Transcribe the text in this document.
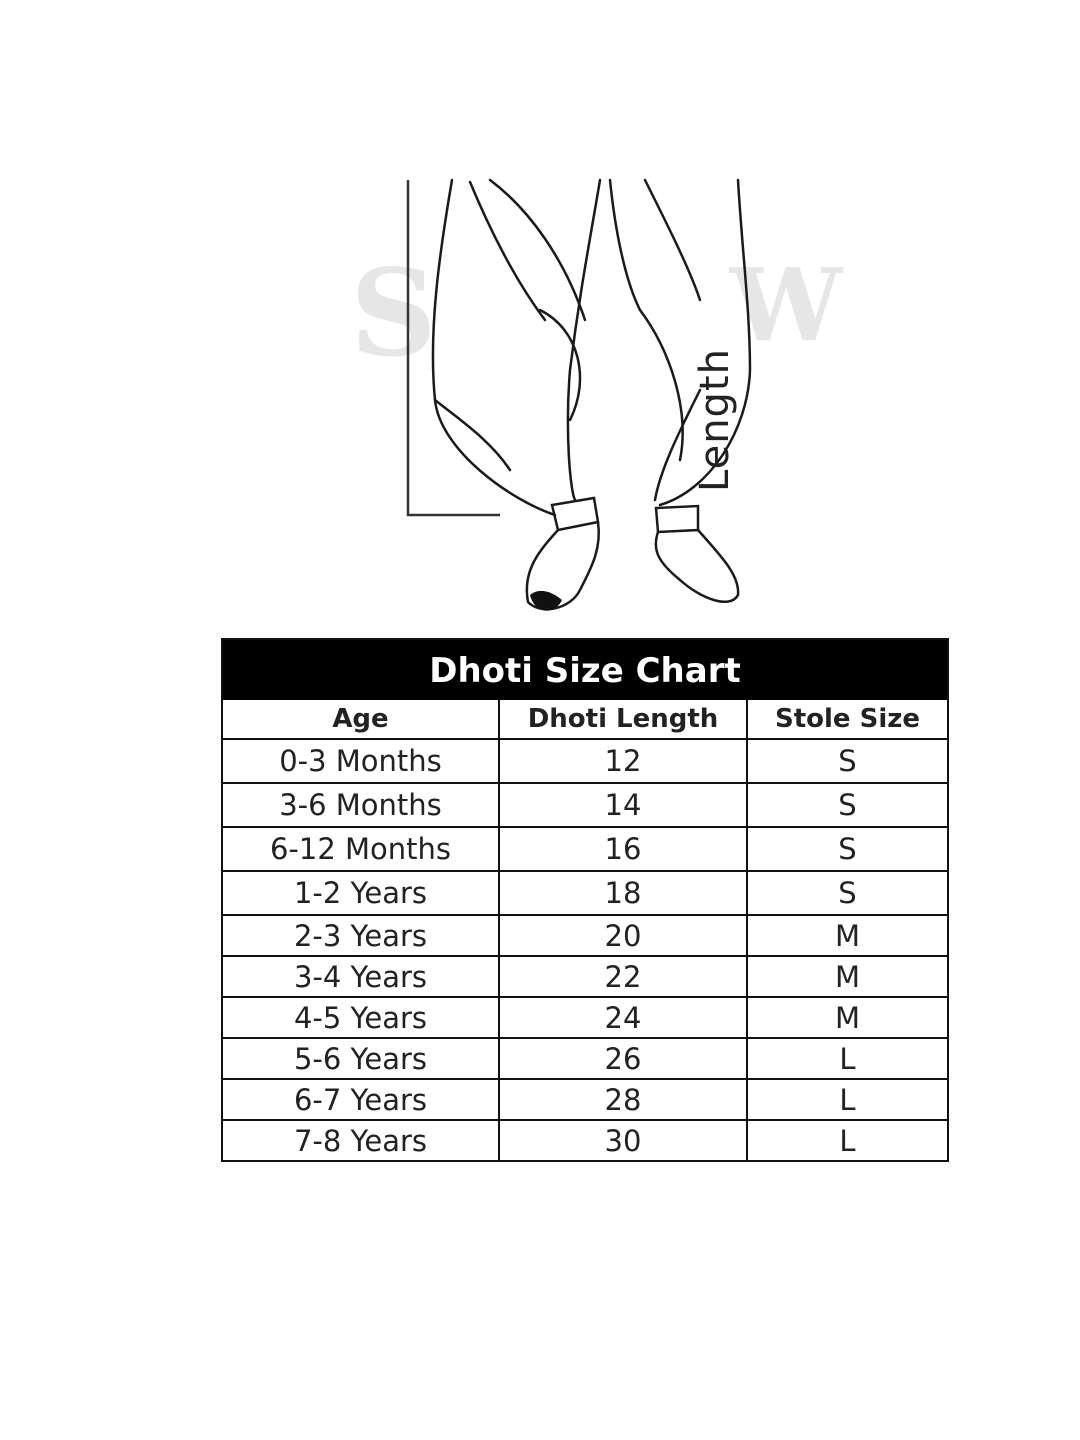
S	W
Length
Dhoti Size Chart
Age	Dhoti Length	Stole Size
0-3 Months	12	S
3-6 Months	14	S
6-12 Months	16	S
1-2 Years	18	S
2-3 Years	20	M
3-4 Years	22	M
4-5 Years	24	M
5-6 Years	26	L
6-7 Years	28	L
7-8 Years	30	L
